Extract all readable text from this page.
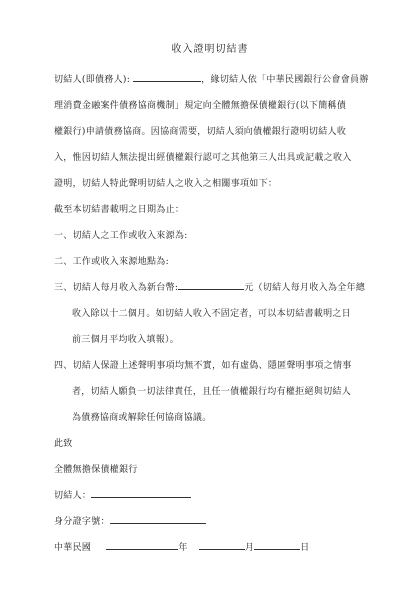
收入證明切結書
切結人(即債務人):	，緣切結人依「中華民國銀行公會會員辦
理消費金融案件債務協商機制」規定向全體無擔保債權銀行(以下簡稱債
權銀行)申請債務協商。因協商需要，切結人須向債權銀行證明切結人收
入，惟因切結人無法提出經債權銀行認可之其他第三人出具或記載之收入
證明，切結人特此聲明切結人之收入之相關事項如下：
截至本切結書載明之日期為止：
一、切結人之工作或收入來源為:
二、工作或收入來源地點為:
三、切結人每月收入為新台幣:	元（切結人每月收入為全年總
收入除以十二個月。如切結人收入不固定者，可以本切結書載明之日
前三個月平均收入填報）。
四、切結人保證上述聲明事項均無不實，如有虛偽、隱匿聲明事項之情事
者，切結人願負一切法律責任，且任一債權銀行均有權拒絕與切結人
為債務協商或解除任何協商協議。
此致
全體無擔保債權銀行
切結人：
身分證字號：
中華民國	年	月	日
